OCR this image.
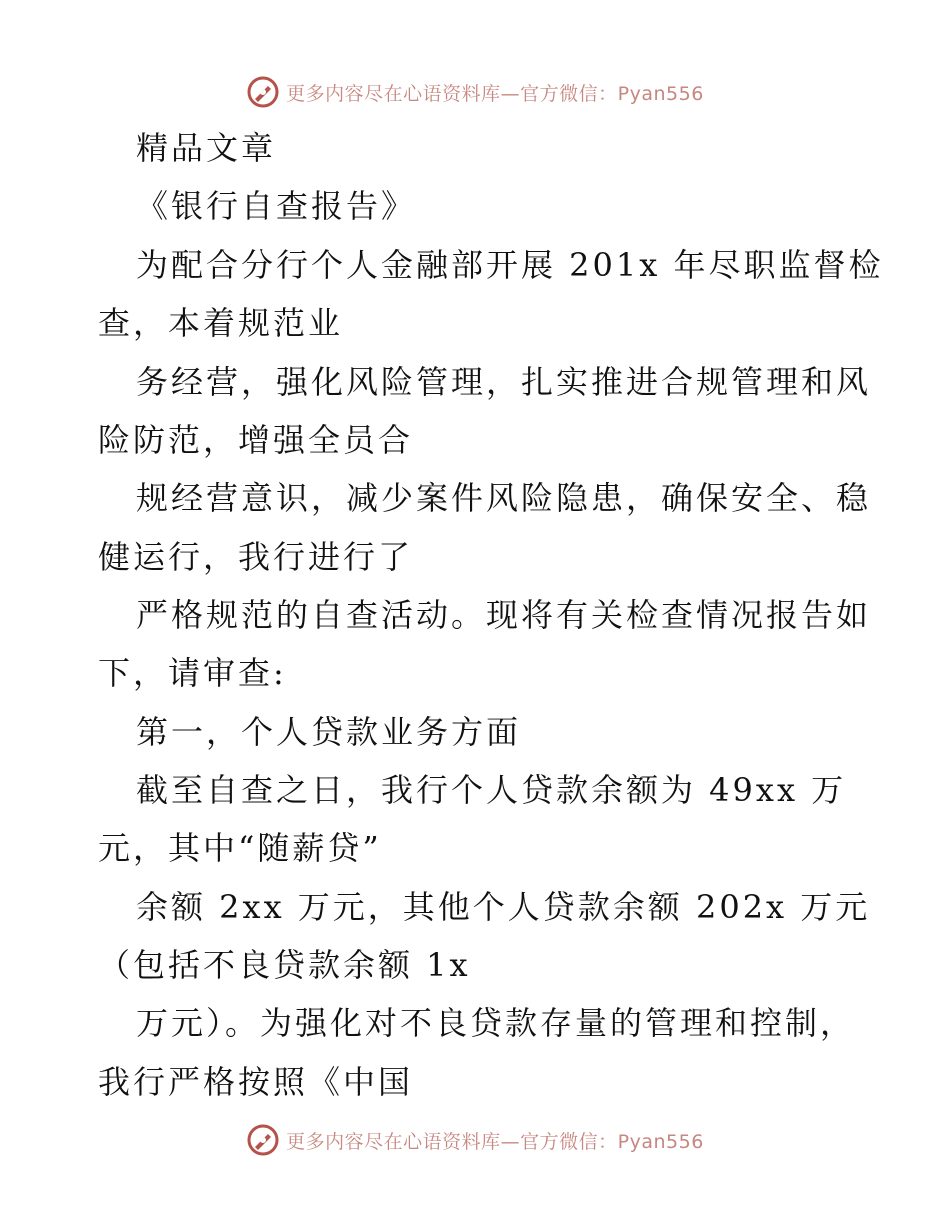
更多内容尽在心语资料库—官方微信：Pyan556
精品文章
《银行自查报告》
为配合分行个人金融部开展 201x 年尽职监督检
查，本着规范业
务经营，强化风险管理，扎实推进合规管理和风
险防范，增强全员合
规经营意识，减少案件风险隐患，确保安全、稳
健运行，我行进行了
严格规范的自查活动。现将有关检查情况报告如
下，请审查:
第一，个人贷款业务方面
截至自查之日，我行个人贷款余额为 49xx 万
元，其中“随薪贷”
余额 2xx 万元，其他个人贷款余额 202x 万元
（包括不良贷款余额 1x
万元）。为强化对不良贷款存量的管理和控制，
我行严格按照《中国
更多内容尽在心语资料库—官方微信：Pyan556
